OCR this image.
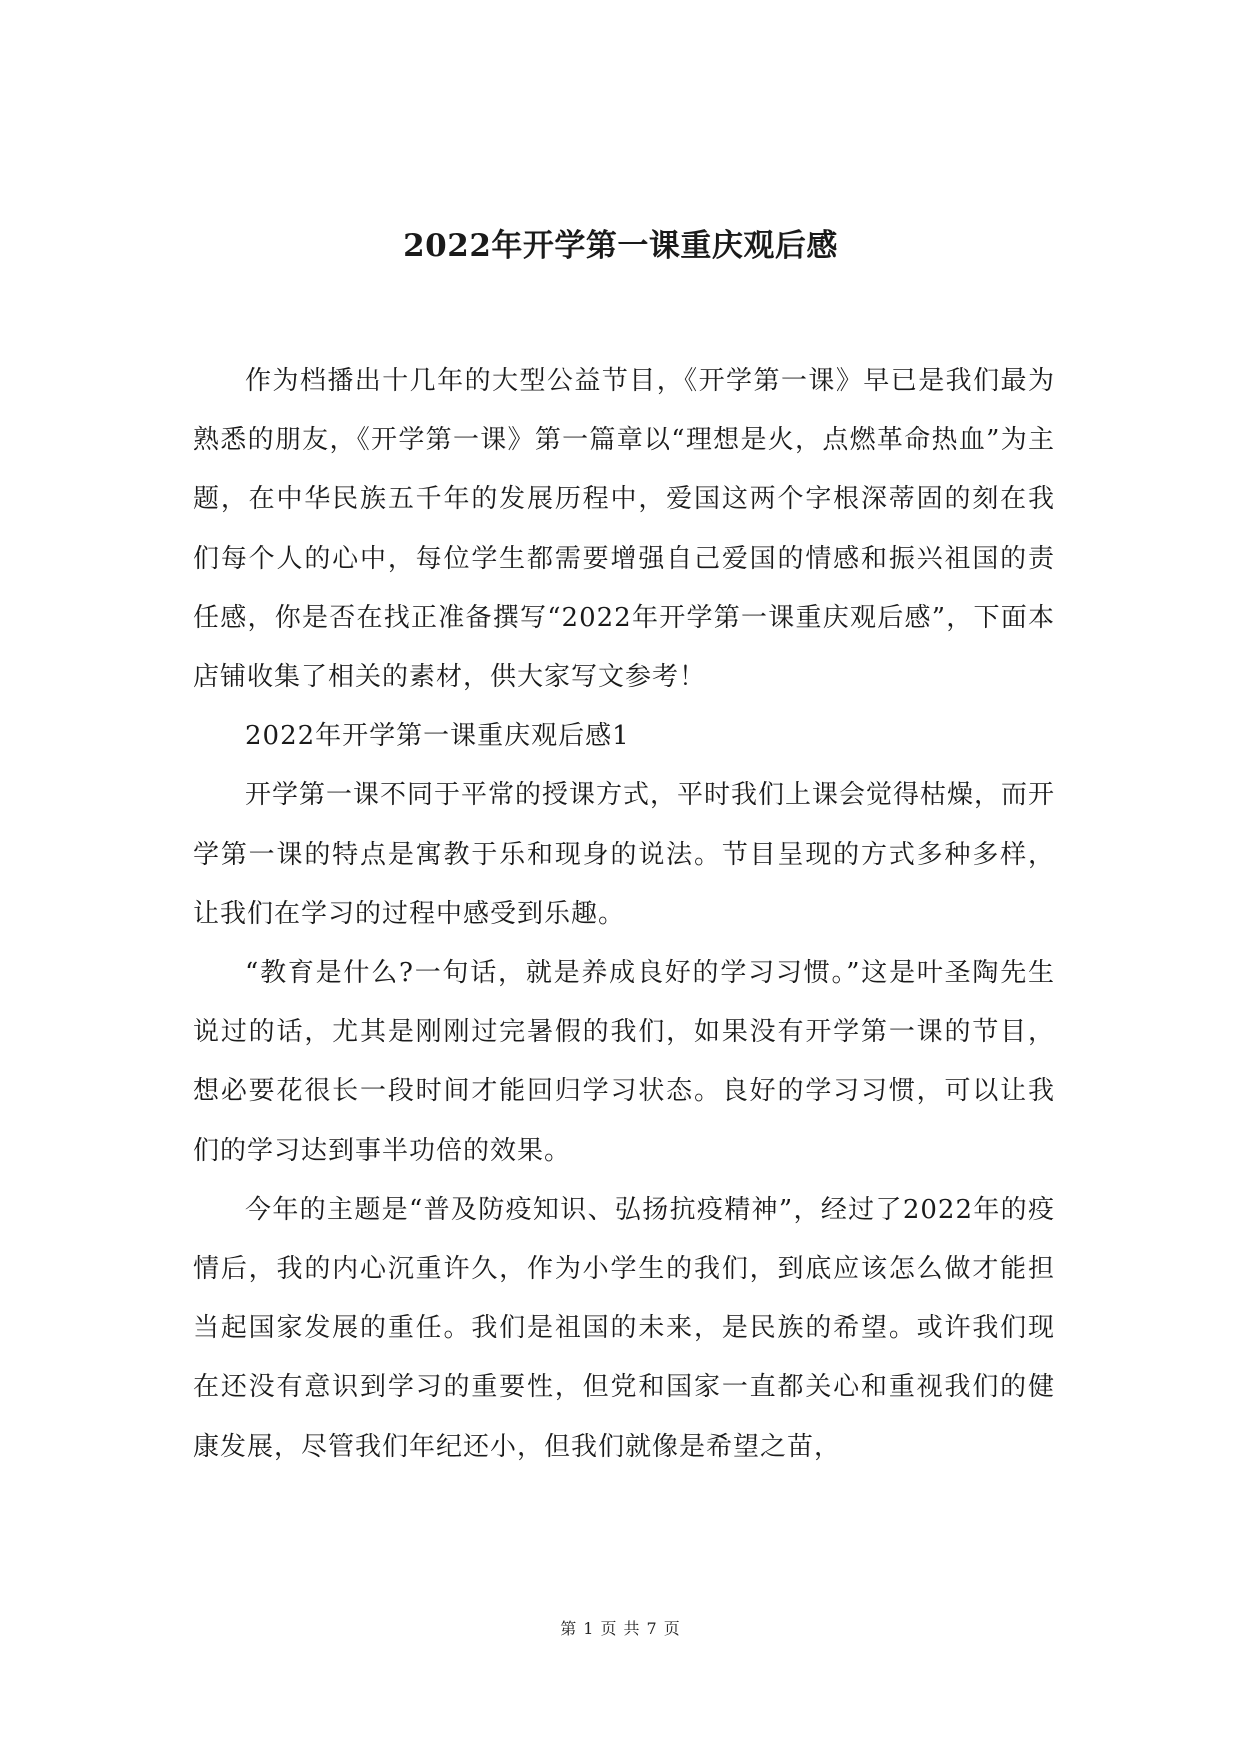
2022年开学第一课重庆观后感

作为档播出十几年的大型公益节目，《开学第一课》早已是我们最为熟悉的朋友，《开学第一课》第一篇章以“理想是火，点燃革命热血”为主题，在中华民族五千年的发展历程中，爱国这两个字根深蒂固的刻在我们每个人的心中，每位学生都需要增强自己爱国的情感和振兴祖国的责任感，你是否在找正准备撰写“2022年开学第一课重庆观后感”，下面本店铺收集了相关的素材，供大家写文参考！

2022年开学第一课重庆观后感1

开学第一课不同于平常的授课方式，平时我们上课会觉得枯燥，而开学第一课的特点是寓教于乐和现身的说法。节目呈现的方式多种多样，让我们在学习的过程中感受到乐趣。

“教育是什么?一句话，就是养成良好的学习习惯。”这是叶圣陶先生说过的话，尤其是刚刚过完暑假的我们，如果没有开学第一课的节目，想必要花很长一段时间才能回归学习状态。良好的学习习惯，可以让我们的学习达到事半功倍的效果。

今年的主题是“普及防疫知识、弘扬抗疫精神”，经过了2022年的疫情后，我的内心沉重许久，作为小学生的我们，到底应该怎么做才能担当起国家发展的重任。我们是祖国的未来，是民族的希望。或许我们现在还没有意识到学习的重要性，但党和国家一直都关心和重视我们的健康发展，尽管我们年纪还小，但我们就像是希望之苗，

第 1 页 共 7 页
